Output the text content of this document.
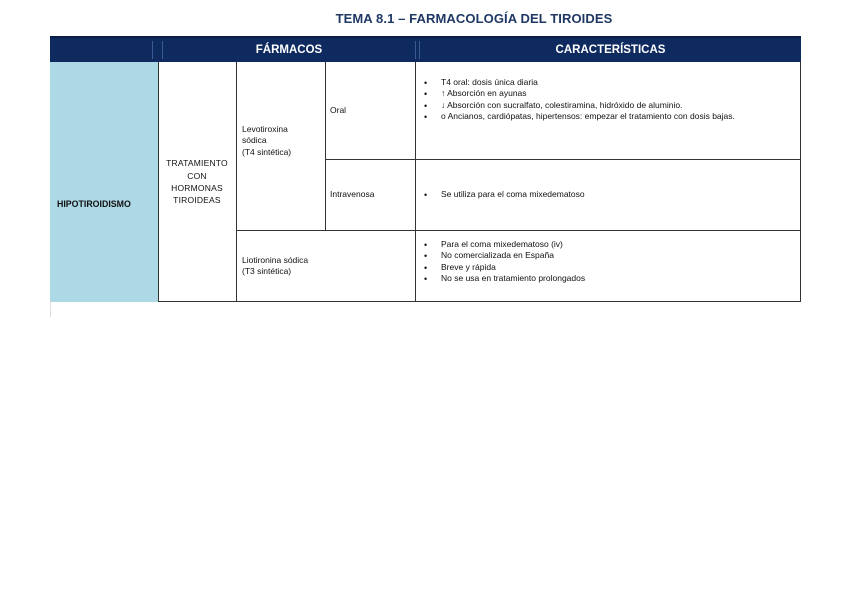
TEMA 8.1 – FARMACOLOGÍA DEL TIROIDES
FÁRMACOS	CARACTERÍSTICAS
HIPOTIROIDISMO
TRATAMIENTO
CON
HORMONAS
TIROIDEAS
Levotiroxina
sódica
(T4 sintética)
Oral
Intravenosa
Liotironina sódica
(T3 sintética)
• T4 oral: dosis única diaria
• ↑ Absorción en ayunas
• ↓ Absorción con sucralfato, colestiramina, hidróxido de aluminio.
• o Ancianos, cardiópatas, hipertensos: empezar el tratamiento con dosis bajas.
• Se utiliza para el coma mixedematoso
• Para el coma mixedematoso (iv)
• No comercializada en España
• Breve y rápida
• No se usa en tratamiento prolongados
